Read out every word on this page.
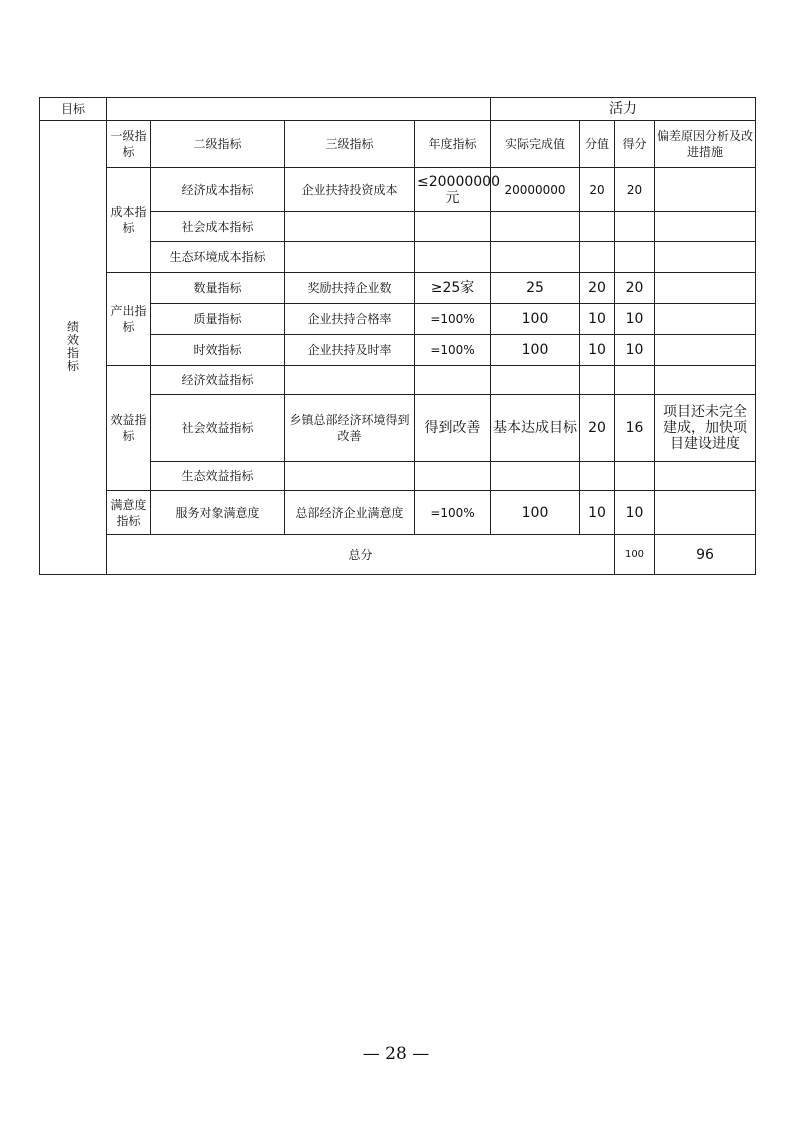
目标					活力				
绩效指标	一级指标	二级指标	三级指标	年度指标	实际完成值	分值	得分	偏差原因分析及改进措施	
	成本指标	经济成本指标	企业扶持投资成本	≤20000000元	20000000	20	20		
		社会成本指标							
		生态环境成本指标							
	产出指标	数量指标	奖励扶持企业数	≥25家	25	20	20		
		质量指标	企业扶持合格率	=100%	100	10	10		
		时效指标	企业扶持及时率	=100%	100	10	10		
	效益指标	经济效益指标							
		社会效益指标	乡镇总部经济环境得到改善	得到改善	基本达成目标	20	16	项目还未完全建成，加快项目建设进度	
		生态效益指标							
	满意度指标	服务对象满意度	总部经济企业满意度	=100%	100	10	10		
	总分						100	96	
— 28 —
